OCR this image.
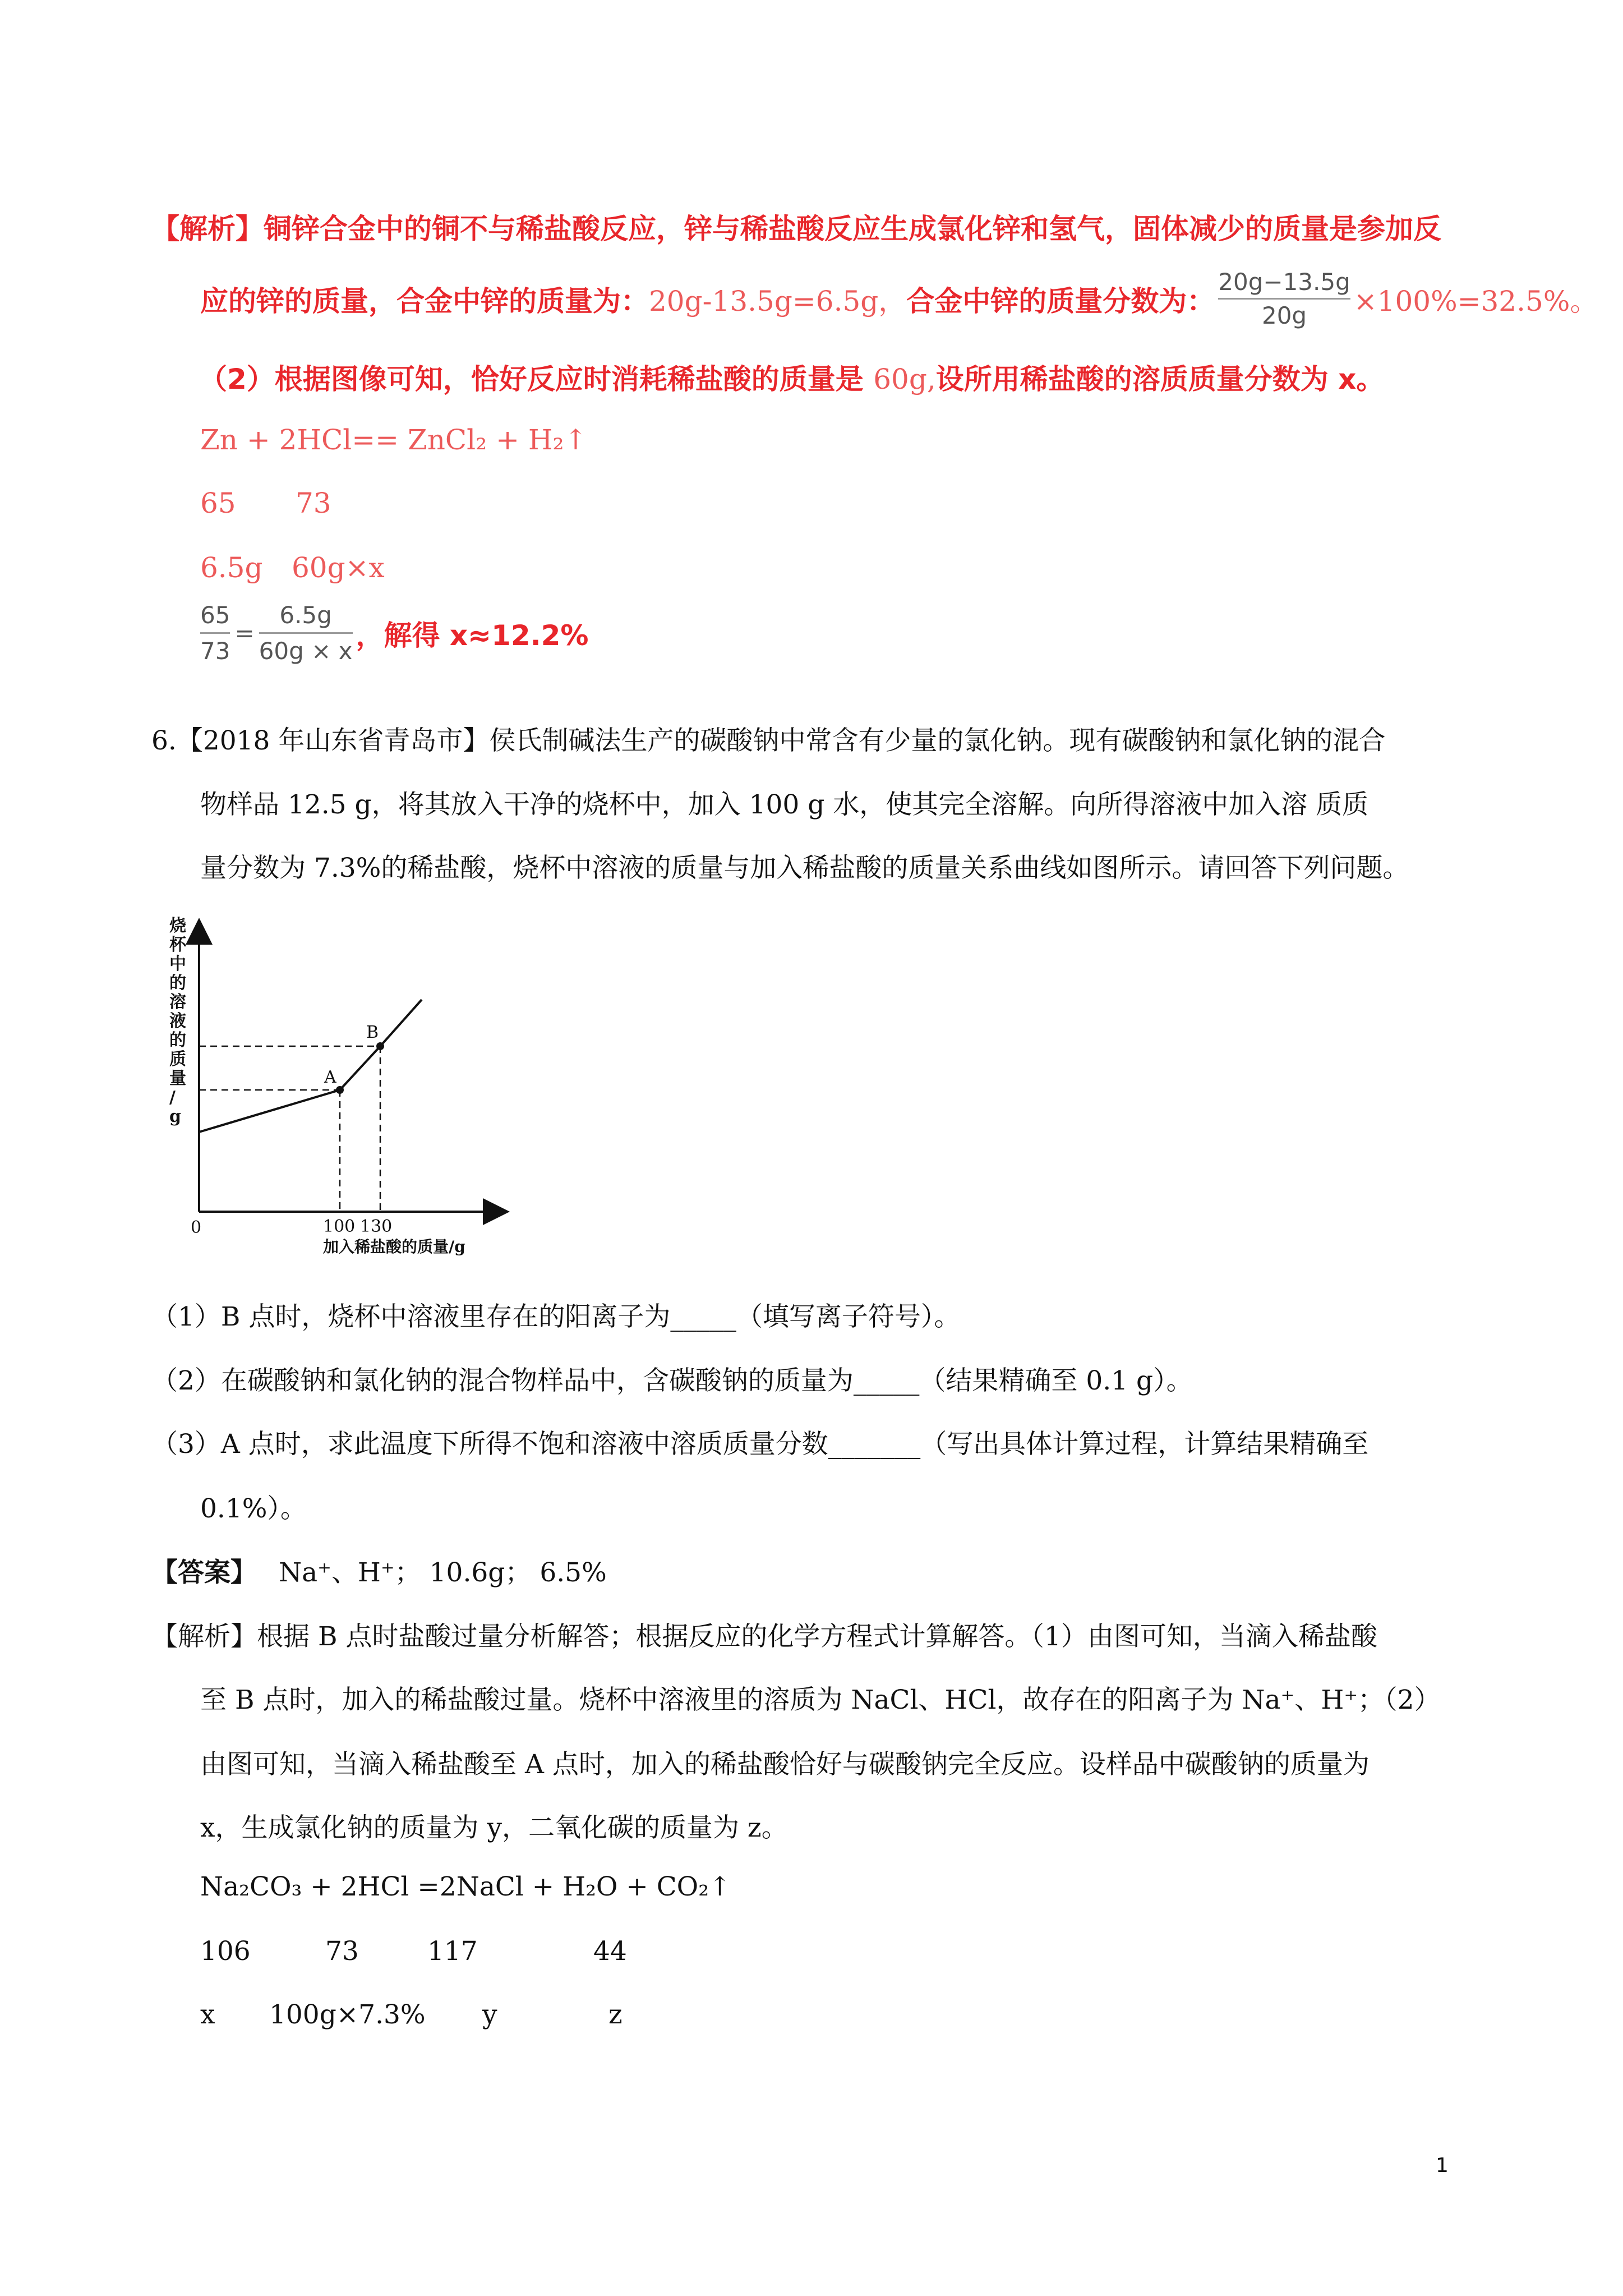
【解析】铜锌合金中的铜不与稀盐酸反应，锌与稀盐酸反应生成氯化锌和氢气，固体减少的质量是参加反
应的锌的质量，合金中锌的质量为： 20g-13.5g=6.5g， 合金中锌的质量分数为：
20g−13.5g
20g ×100%=32.5%。
（2）根据图像可知，恰好反应时消耗稀盐酸的质量是 60g,设所用稀盐酸的溶质质量分数为 x。
Zn + 2HCl== ZnCl₂ + H₂↑
65 73
6.5g 60g×x
65
73
=
6.5g
60g × x ，解得 x≈12.2%
6.【2018 年山东省青岛市】侯氏制碱法生产的碳酸钠中常含有少量的氯化钠。现有碳酸钠和氯化钠的混合
物样品 12.5 g，将其放入干净的烧杯中，加入 100 g 水，使其完全溶解。向所得溶液中加入溶 质质
量分数为 7.3%的稀盐酸，烧杯中溶液的质量与加入稀盐酸的质量关系曲线如图所示。请回答下列问题。
烧杯中的溶液的质量/ g
A
B
0	100 130
加入稀盐酸的质量/g
（1）B 点时，烧杯中溶液里存在的阳离子为_____（填写离子符号）。
（2）在碳酸钠和氯化钠的混合物样品中，含碳酸钠的质量为_____（结果精确至 0.1 g）。
（3）A 点时，求此温度下所得不饱和溶液中溶质质量分数_______（写出具体计算过程，计算结果精确至
0.1%）。
【答案】 Na⁺、H⁺； 10.6g； 6.5%
【解析】根据 B 点时盐酸过量分析解答；根据反应的化学方程式计算解答。（1）由图可知，当滴入稀盐酸
至 B 点时，加入的稀盐酸过量。烧杯中溶液里的溶质为 NaCl、HCl，故存在的阳离子为 Na⁺、H⁺；（2）
由图可知，当滴入稀盐酸至 A 点时，加入的稀盐酸恰好与碳酸钠完全反应。设样品中碳酸钠的质量为
x，生成氯化钠的质量为 y，二氧化碳的质量为 z。
Na₂CO₃ + 2HCl =2NaCl + H₂O + CO₂↑
106	73	117	44
x 100g×7.3% y	z
1
